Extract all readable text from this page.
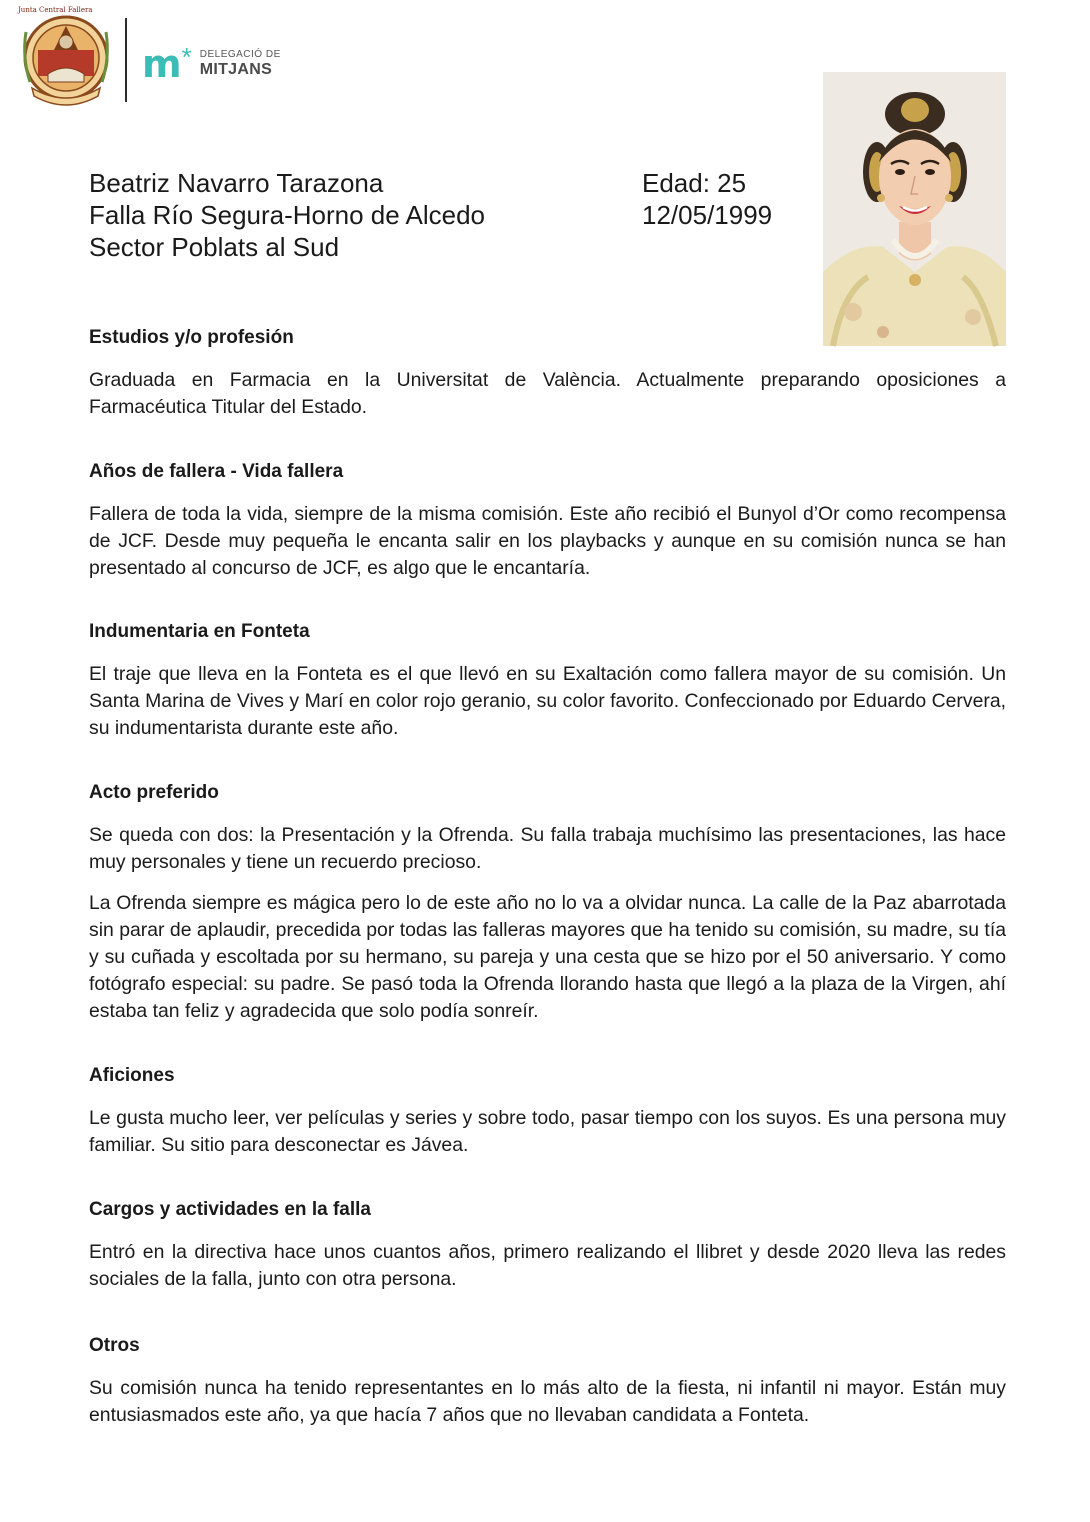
Junta Central Fallera
m * DELEGACIÓ DE
MITJANS
Beatriz Navarro Tarazona
Falla Río Segura-Horno de Alcedo
Sector Poblats al Sud
Edad: 25
12/05/1999
Estudios y/o profesión

Graduada en Farmacia en la Universitat de València. Actualmente preparando oposiciones a Farmacéutica Titular del Estado.

Años de fallera - Vida fallera

Fallera de toda la vida, siempre de la misma comisión. Este año recibió el Bunyol d’Or como recompensa de JCF. Desde muy pequeña le encanta salir en los playbacks y aunque en su comisión nunca se han presentado al concurso de JCF, es algo que le encantaría.

Indumentaria en Fonteta

El traje que lleva en la Fonteta es el que llevó en su Exaltación como fallera mayor de su comisión. Un Santa Marina de Vives y Marí en color rojo geranio, su color favorito. Confeccionado por Eduardo Cervera, su indumentarista durante este año.

Acto preferido

Se queda con dos: la Presentación y la Ofrenda. Su falla trabaja muchísimo las presentaciones, las hace muy personales y tiene un recuerdo precioso.

La Ofrenda siempre es mágica pero lo de este año no lo va a olvidar nunca. La calle de la Paz abarrotada sin parar de aplaudir, precedida por todas las falleras mayores que ha tenido su comisión, su madre, su tía y su cuñada y escoltada por su hermano, su pareja y una cesta que se hizo por el 50 aniversario. Y como fotógrafo especial: su padre. Se pasó toda la Ofrenda llorando hasta que llegó a la plaza de la Virgen, ahí estaba tan feliz y agradecida que solo podía sonreír.

Aficiones

Le gusta mucho leer, ver películas y series y sobre todo, pasar tiempo con los suyos. Es una persona muy familiar. Su sitio para desconectar es Jávea.

Cargos y actividades en la falla

Entró en la directiva hace unos cuantos años, primero realizando el llibret y desde 2020 lleva las redes sociales de la falla, junto con otra persona.

Otros

Su comisión nunca ha tenido representantes en lo más alto de la fiesta, ni infantil ni mayor. Están muy entusiasmados este año, ya que hacía 7 años que no llevaban candidata a Fonteta.
